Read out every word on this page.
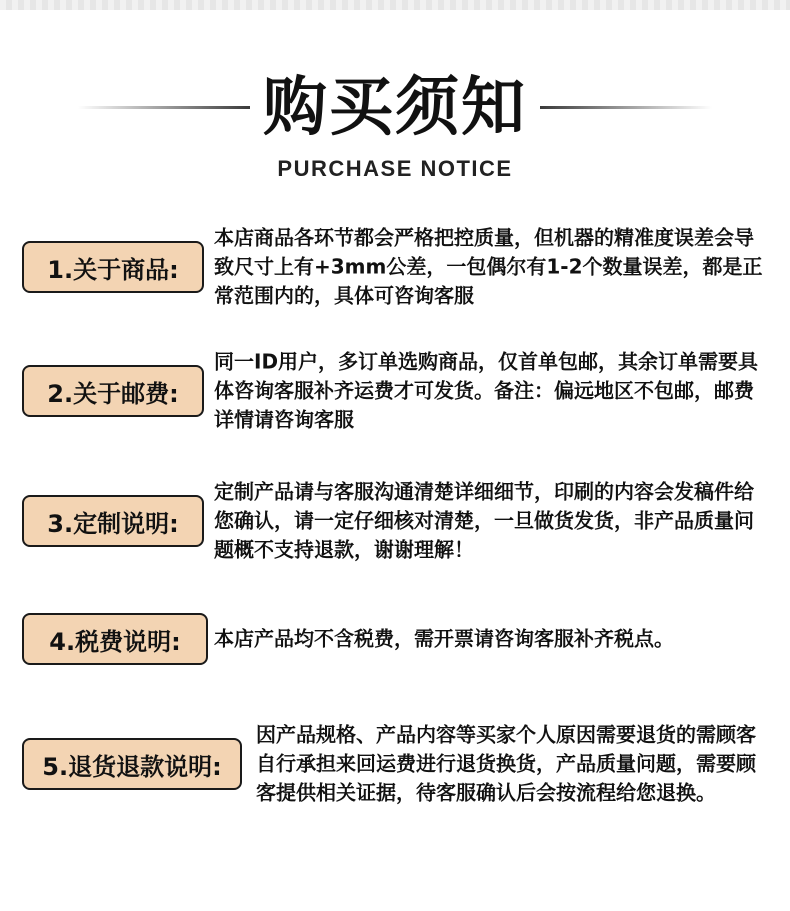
购买须知
PURCHASE NOTICE
1.关于商品:
本店商品各环节都会严格把控质量，但机器的精准度误差会导致尺寸上有+3mm公差，一包偶尔有1-2个数量误差，都是正常范围内的，具体可咨询客服
2.关于邮费:
同一ID用户，多订单选购商品，仅首单包邮，其余订单需要具体咨询客服补齐运费才可发货。备注：偏远地区不包邮，邮费详情请咨询客服
3.定制说明:
定制产品请与客服沟通清楚详细细节，印刷的内容会发稿件给您确认，请一定仔细核对清楚，一旦做货发货，非产品质量问题概不支持退款，谢谢理解！
4.税费说明:	本店产品均不含税费，需开票请咨询客服补齐税点。
5.退货退款说明:
因产品规格、产品内容等买家个人原因需要退货的需顾客自行承担来回运费进行退货换货，产品质量问题，需要顾客提供相关证据，待客服确认后会按流程给您退换。
